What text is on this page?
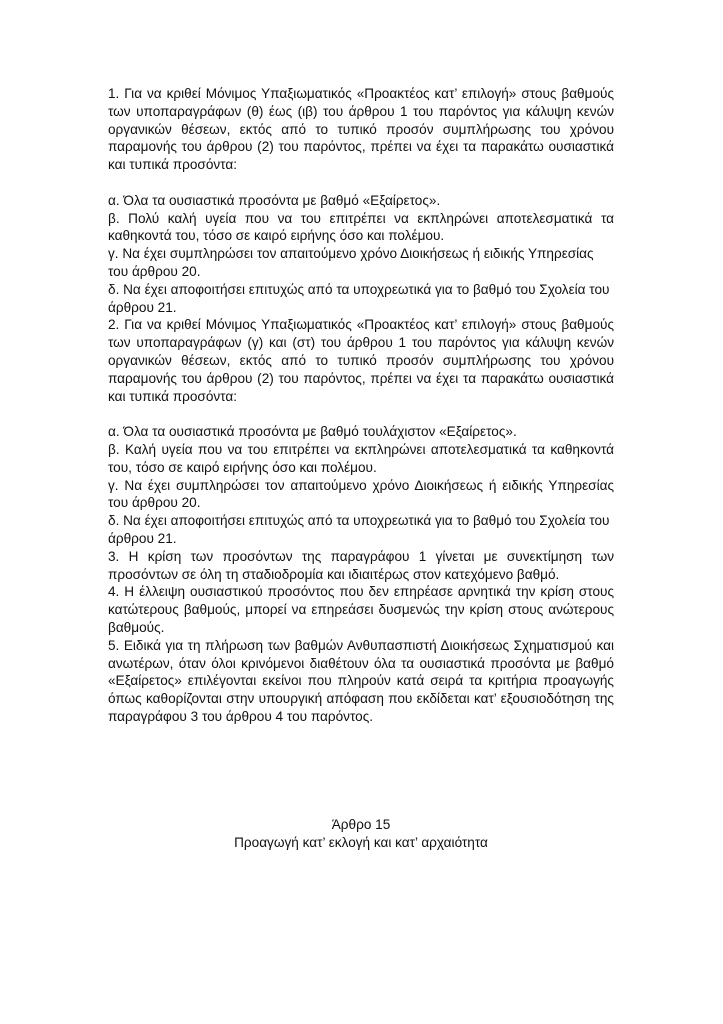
1. Για να κριθεί Μόνιμος Υπαξιωματικός «Προακτέος κατ’ επιλογή» στους βαθμούς των υποπαραγράφων (θ) έως (ιβ) του άρθρου 1 του παρόντος για κάλυψη κενών οργανικών θέσεων, εκτός από το τυπικό προσόν συμπλήρωσης του χρόνου παραμονής του άρθρου (2) του παρόντος, πρέπει να έχει τα παρακάτω ουσιαστικά και τυπικά προσόντα:

α. Όλα τα ουσιαστικά προσόντα με βαθμό «Εξαίρετος».

β. Πολύ καλή υγεία που να του επιτρέπει να εκπληρώνει αποτελεσματικά τα καθηκοντά του, τόσο σε καιρό ειρήνης όσο και πολέμου.

γ. Να έχει συμπληρώσει τον απαιτούμενο χρόνο Διοικήσεως ή ειδικής Υπηρεσίας του άρθρου 20.

δ. Να έχει αποφοιτήσει επιτυχώς από τα υποχρεωτικά για το βαθμό του Σχολεία του άρθρου 21.

2. Για να κριθεί Μόνιμος Υπαξιωματικός «Προακτέος κατ’ επιλογή» στους βαθμούς των υποπαραγράφων (γ) και (στ) του άρθρου 1 του παρόντος για κάλυψη κενών οργανικών θέσεων, εκτός από το τυπικό προσόν συμπλήρωσης του χρόνου παραμονής του άρθρου (2) του παρόντος, πρέπει να έχει τα παρακάτω ουσιαστικά και τυπικά προσόντα:

α. Όλα τα ουσιαστικά προσόντα με βαθμό τουλάχιστον «Εξαίρετος».

β. Καλή υγεία που να του επιτρέπει να εκπληρώνει αποτελεσματικά τα καθηκοντά του, τόσο σε καιρό ειρήνης όσο και πολέμου.

γ. Να έχει συμπληρώσει τον απαιτούμενο χρόνο Διοικήσεως ή ειδικής Υπηρεσίας του άρθρου 20.

δ. Να έχει αποφοιτήσει επιτυχώς από τα υποχρεωτικά για το βαθμό του Σχολεία του άρθρου 21.

3. Η κρίση των προσόντων της παραγράφου 1 γίνεται με συνεκτίμηση των προσόντων σε όλη τη σταδιοδρομία και ιδιαιτέρως στον κατεχόμενο βαθμό.

4. Η έλλειψη ουσιαστικού προσόντος που δεν επηρέασε αρνητικά την κρίση στους κατώτερους βαθμούς, μπορεί να επηρεάσει δυσμενώς την κρίση στους ανώτερους βαθμούς.

5. Ειδικά για τη πλήρωση των βαθμών Ανθυπασπιστή Διοικήσεως Σχηματισμού και ανωτέρων, όταν όλοι κρινόμενοι διαθέτουν όλα τα ουσιαστικά προσόντα με βαθμό «Εξαίρετος» επιλέγονται εκείνοι που πληρούν κατά σειρά τα κριτήρια προαγωγής όπως καθορίζονται στην υπουργική απόφαση που εκδίδεται κατ’ εξουσιοδότηση της παραγράφου 3 του άρθρου 4 του παρόντος.

Άρθρο 15
Προαγωγή κατ’ εκλογή και κατ’ αρχαιότητα
